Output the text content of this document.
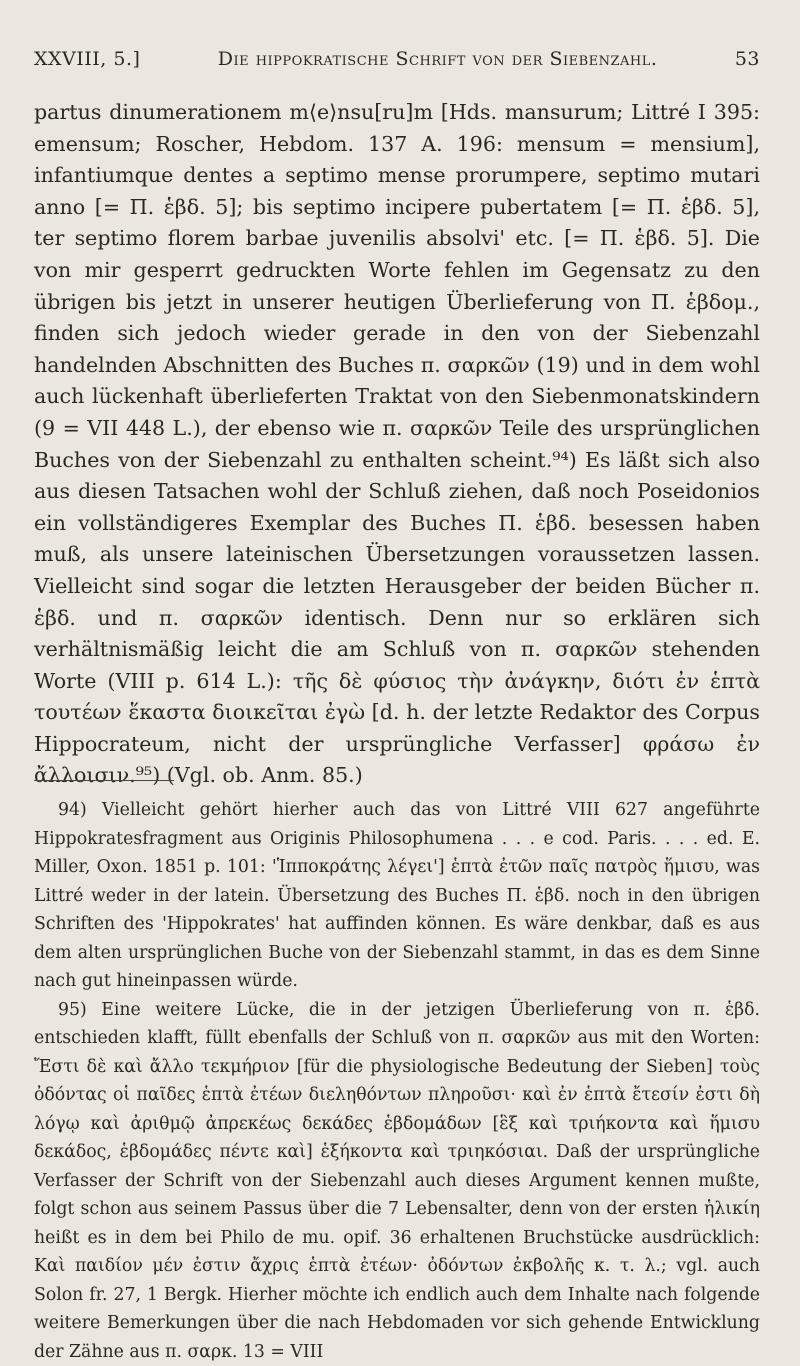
XXVIII, 5.]	Die hippokratische Schrift von der Siebenzahl.	53

partus dinumerationem m⟨e⟩nsu[ru]m [Hds. mansurum; Littré I 395: emensum; Roscher, Hebdom. 137 A. 196: mensum = mensium], infantiumque dentes a septimo mense prorumpere, septimo mutari anno [= Π. ἑβδ. 5]; bis septimo incipere pubertatem [= Π. ἑβδ. 5], ter septimo florem barbae juvenilis absolvi' etc. [= Π. ἑβδ. 5]. Die von mir gesperrt gedruckten Worte fehlen im Gegensatz zu den übrigen bis jetzt in unserer heutigen Überlieferung von Π. ἑβδομ., finden sich jedoch wieder gerade in den von der Siebenzahl handelnden Abschnitten des Buches π. σαρκῶν (19) und in dem wohl auch lückenhaft überlieferten Traktat von den Siebenmonatskindern (9 = VII 448 L.), der ebenso wie π. σαρκῶν Teile des ursprünglichen Buches von der Siebenzahl zu enthalten scheint.⁹⁴) Es läßt sich also aus diesen Tatsachen wohl der Schluß ziehen, daß noch Poseidonios ein vollständigeres Exemplar des Buches Π. ἑβδ. besessen haben muß, als unsere lateinischen Übersetzungen voraussetzen lassen. Vielleicht sind sogar die letzten Herausgeber der beiden Bücher π. ἑβδ. und π. σαρκῶν identisch. Denn nur so erklären sich verhältnismäßig leicht die am Schluß von π. σαρκῶν stehenden Worte (VIII p. 614 L.): τῆς δὲ φύσιος τὴν ἀνάγκην, διότι ἐν ἑπτὰ τουτέων ἕκαστα διοικεῖται ἐγὼ [d. h. der letzte Redaktor des Corpus Hippocrateum, nicht der ursprüngliche Verfasser] φράσω ἐν ἄλλοισιν.⁹⁵) (Vgl. ob. Anm. 85.)

94) Vielleicht gehört hierher auch das von Littré VIII 627 angeführte Hippokratesfragment aus Originis Philosophumena . . . e cod. Paris. . . . ed. E. Miller, Oxon. 1851 p. 101: 'Ἱπποκράτης λέγει'] ἑπτὰ ἐτῶν παῖς πατρὸς ἥμισυ, was Littré weder in der latein. Übersetzung des Buches Π. ἑβδ. noch in den übrigen Schriften des 'Hippokrates' hat auffinden können. Es wäre denkbar, daß es aus dem alten ursprünglichen Buche von der Siebenzahl stammt, in das es dem Sinne nach gut hineinpassen würde.

95) Eine weitere Lücke, die in der jetzigen Überlieferung von π. ἑβδ. entschieden klafft, füllt ebenfalls der Schluß von π. σαρκῶν aus mit den Worten: Ἔστι δὲ καὶ ἄλλο τεκμήριον [für die physiologische Bedeutung der Sieben] τοὺς ὀδόντας οἱ παῖδες ἑπτὰ ἐτέων διεληθόντων πληροῦσι· καὶ ἐν ἑπτὰ ἔτεσίν ἐστι δὴ λόγῳ καὶ ἀριθμῷ ἀπρεκέως δεκάδες ἑβδομάδων [ἓξ καὶ τριήκοντα καὶ ἥμισυ δεκάδος, ἑβδομάδες πέντε καὶ] ἑξήκοντα καὶ τριηκόσιαι. Daß der ursprüngliche Verfasser der Schrift von der Siebenzahl auch dieses Argument kennen mußte, folgt schon aus seinem Passus über die 7 Lebensalter, denn von der ersten ἡλικίη heißt es in dem bei Philo de mu. opif. 36 erhaltenen Bruchstücke ausdrücklich: Καὶ παιδίον μέν ἐστιν ἄχρις ἑπτὰ ἐτέων· ὀδόντων ἐκβολῆς κ. τ. λ.; vgl. auch Solon fr. 27, 1 Bergk. Hierher möchte ich endlich auch dem Inhalte nach folgende weitere Bemerkungen über die nach Hebdomaden vor sich gehende Entwicklung der Zähne aus π. σαρκ. 13 = VIII
